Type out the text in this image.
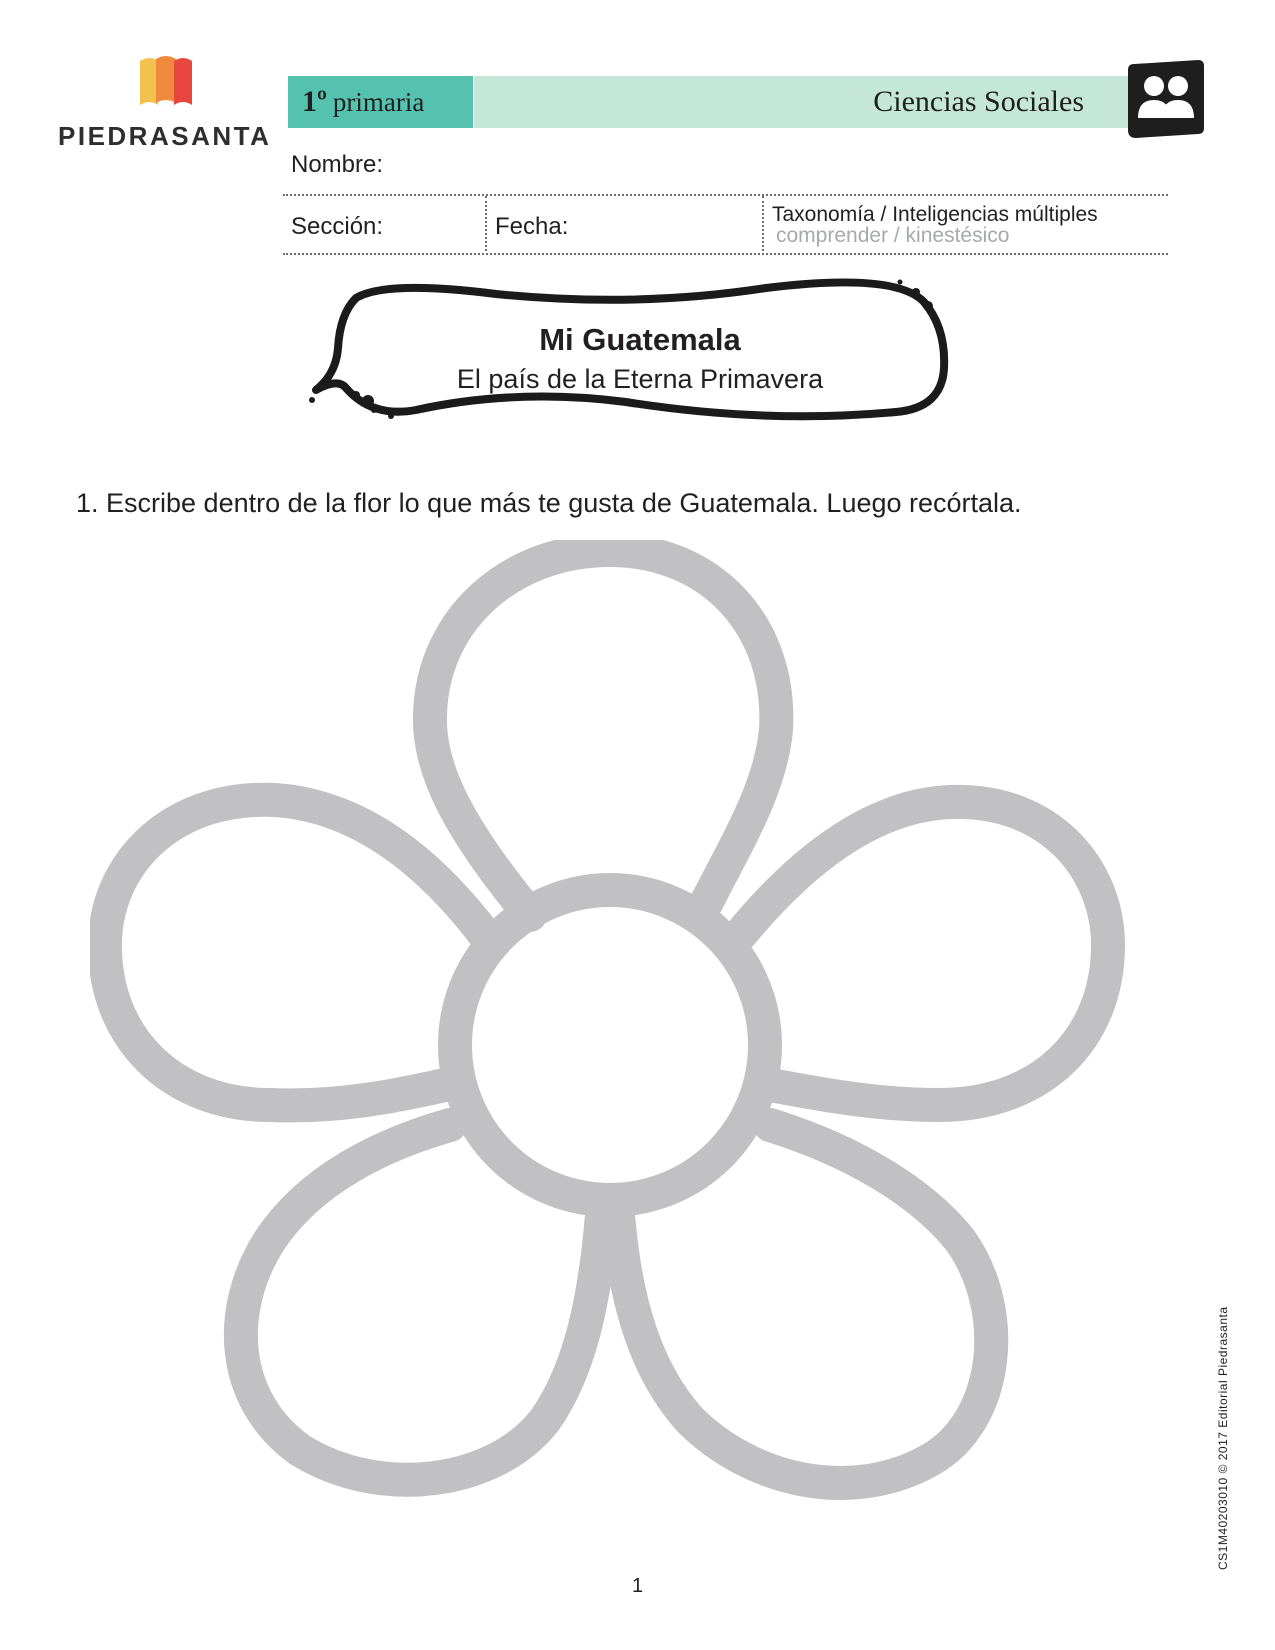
PIEDRASANTA
1º primaria	Ciencias Sociales
Nombre:
Sección:	Fecha:	Taxonomía / Inteligencias múltiples
comprender / kinestésico
Mi Guatemala
El país de la Eterna Primavera
1. Escribe dentro de la flor lo que más te gusta de Guatemala. Luego recórtala.
1
CS1M40203010 © 2017 Editorial Piedrasanta
